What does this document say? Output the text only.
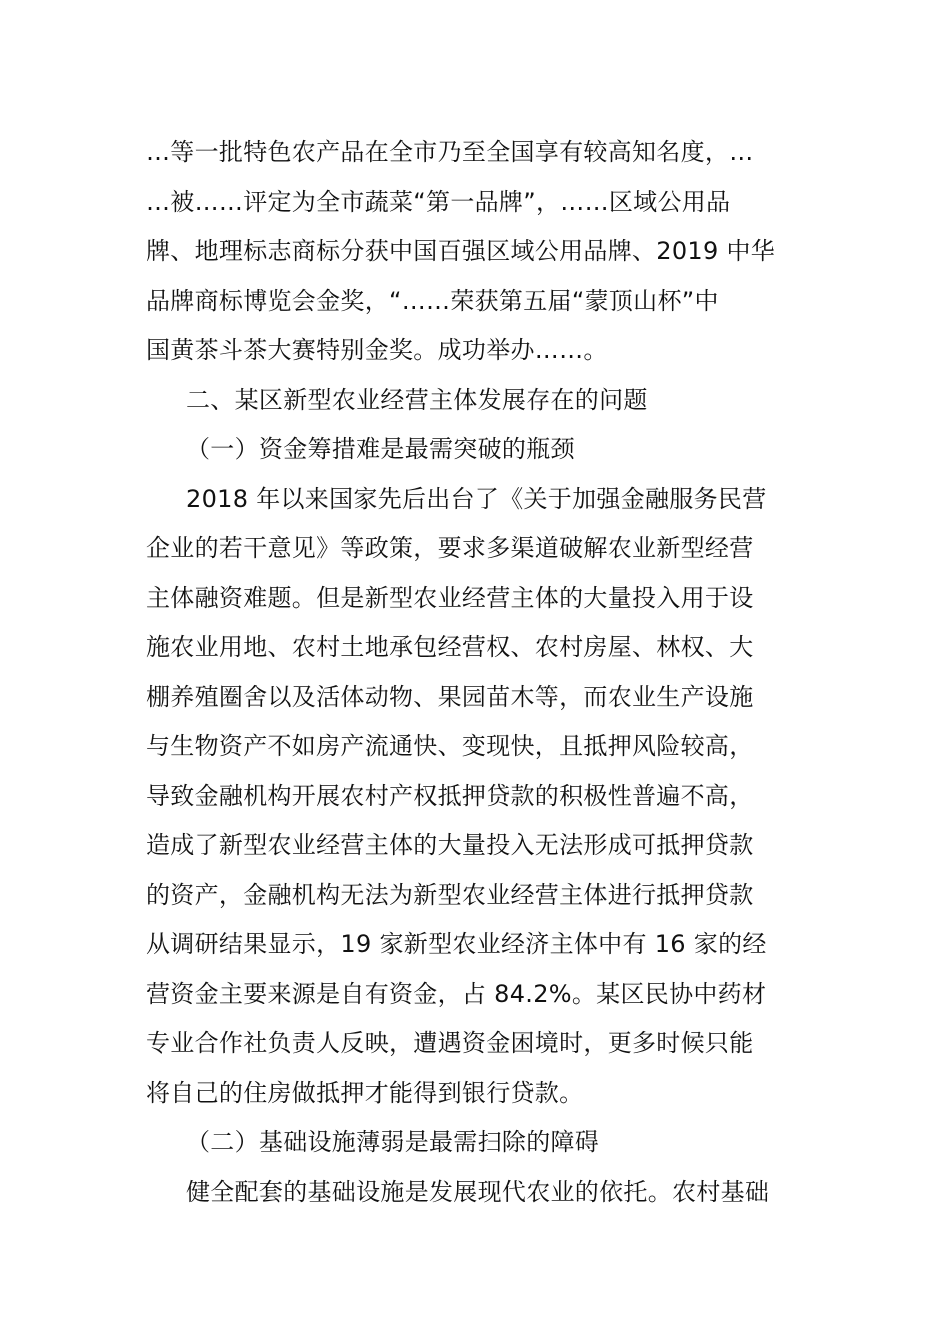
…等一批特色农产品在全市乃至全国享有较高知名度，…
…被……评定为全市蔬菜“第一品牌”，……区域公用品
牌、地理标志商标分获中国百强区域公用品牌、2019 中华
品牌商标博览会金奖，“……荣获第五届“蒙顶山杯”中
国黄茶斗茶大赛特别金奖。成功举办……。
二、某区新型农业经营主体发展存在的问题
（一）资金筹措难是最需突破的瓶颈
2018 年以来国家先后出台了《关于加强金融服务民营
企业的若干意见》等政策，要求多渠道破解农业新型经营
主体融资难题。但是新型农业经营主体的大量投入用于设
施农业用地、农村土地承包经营权、农村房屋、林权、大
棚养殖圈舍以及活体动物、果园苗木等，而农业生产设施
与生物资产不如房产流通快、变现快，且抵押风险较高，
导致金融机构开展农村产权抵押贷款的积极性普遍不高，
造成了新型农业经营主体的大量投入无法形成可抵押贷款
的资产，金融机构无法为新型农业经营主体进行抵押贷款
从调研结果显示，19 家新型农业经济主体中有 16 家的经
营资金主要来源是自有资金，占 84.2%。某区民协中药材
专业合作社负责人反映，遭遇资金困境时，更多时候只能
将自己的住房做抵押才能得到银行贷款。
（二）基础设施薄弱是最需扫除的障碍
健全配套的基础设施是发展现代农业的依托。农村基础
